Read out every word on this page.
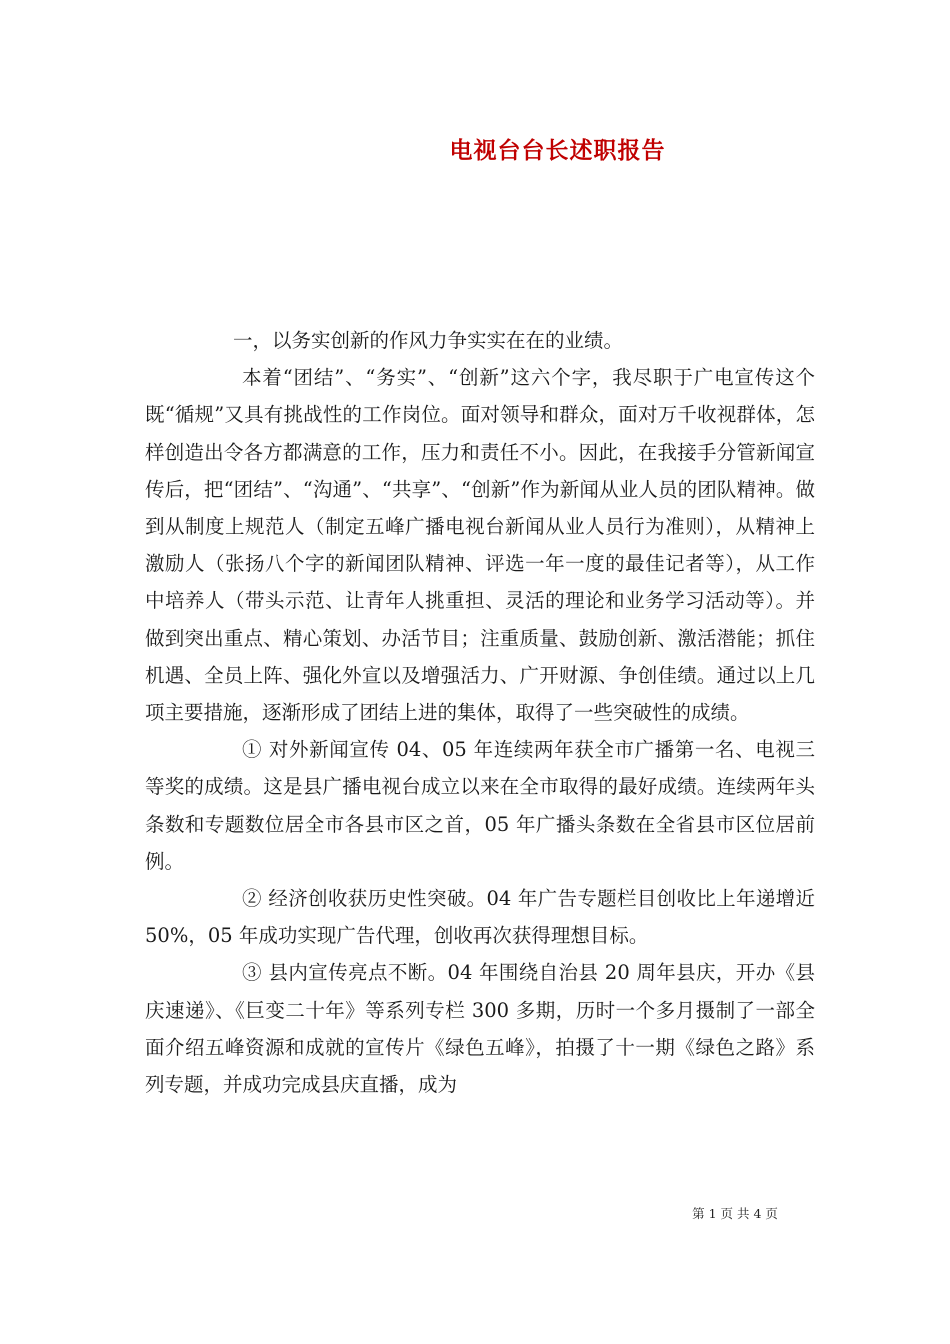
电视台台长述职报告

一，以务实创新的作风力争实实在在的业绩。

本着“团结”、“务实”、“创新”这六个字，我尽职于广电宣传这个既“循规”又具有挑战性的工作岗位。面对领导和群众，面对万千收视群体，怎样创造出令各方都满意的工作，压力和责任不小。因此，在我接手分管新闻宣传后，把“团结”、“沟通”、“共享”、“创新”作为新闻从业人员的团队精神。做到从制度上规范人（制定五峰广播电视台新闻从业人员行为准则），从精神上激励人（张扬八个字的新闻团队精神、评选一年一度的最佳记者等），从工作中培养人（带头示范、让青年人挑重担、灵活的理论和业务学习活动等）。并做到突出重点、精心策划、办活节目；注重质量、鼓励创新、激活潜能；抓住机遇、全员上阵、强化外宣以及增强活力、广开财源、争创佳绩。通过以上几项主要措施，逐渐形成了团结上进的集体，取得了一些突破性的成绩。

① 对外新闻宣传 04、05 年连续两年获全市广播第一名、电视三等奖的成绩。这是县广播电视台成立以来在全市取得的最好成绩。连续两年头条数和专题数位居全市各县市区之首，05 年广播头条数在全省县市区位居前例。

② 经济创收获历史性突破。04 年广告专题栏目创收比上年递增近 50%，05 年成功实现广告代理，创收再次获得理想目标。

③ 县内宣传亮点不断。04 年围绕自治县 20 周年县庆，开办《县庆速递》、《巨变二十年》等系列专栏 300 多期，历时一个多月摄制了一部全面介绍五峰资源和成就的宣传片《绿色五峰》，拍摄了十一期《绿色之路》系列专题，并成功完成县庆直播，成为

第 1 页 共 4 页
